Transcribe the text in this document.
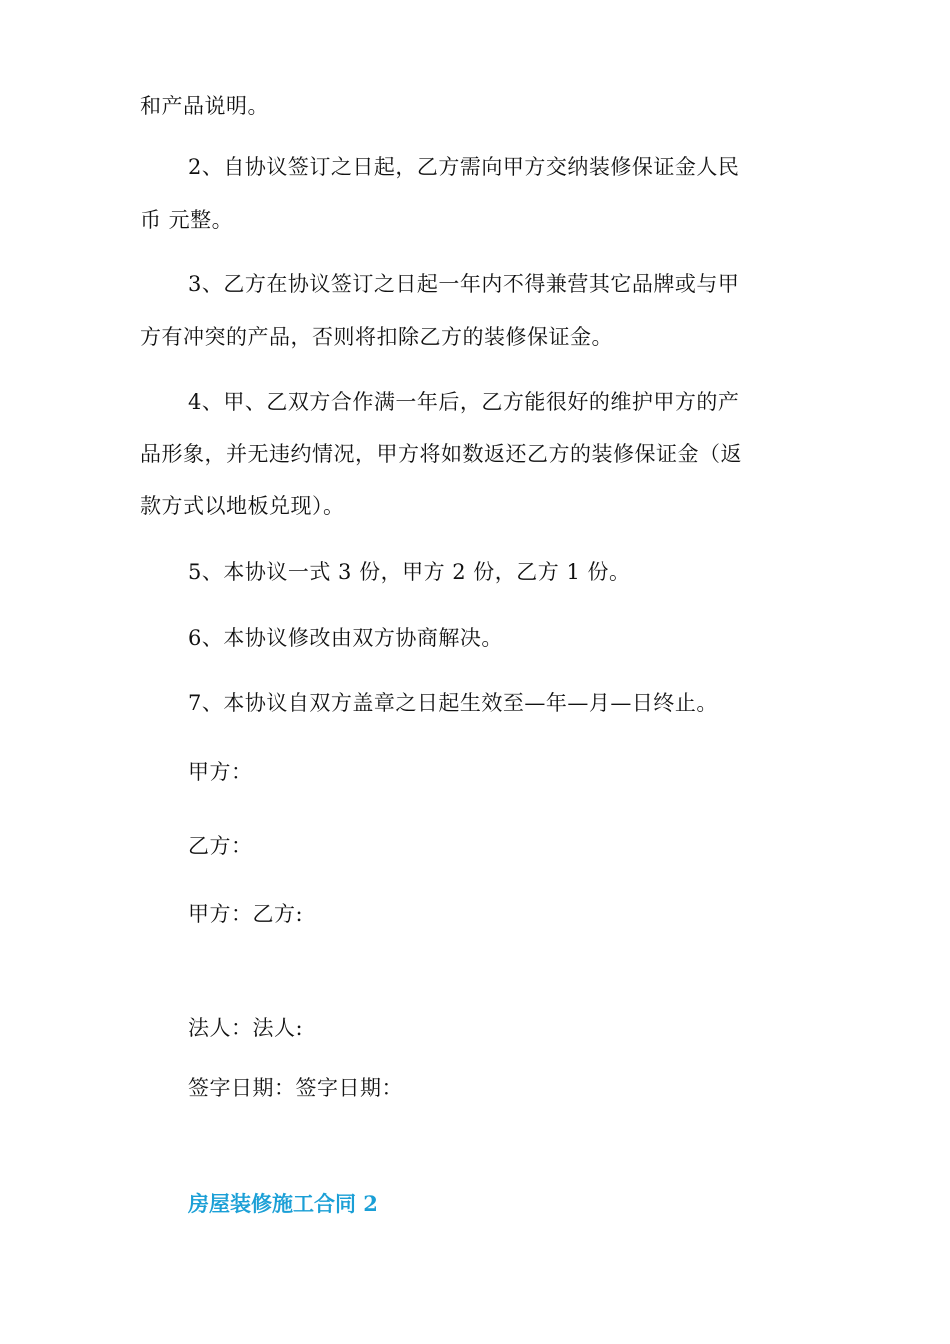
和产品说明。
2、自协议签订之日起，乙方需向甲方交纳装修保证金人民
币 元整。
3、乙方在协议签订之日起一年内不得兼营其它品牌或与甲
方有冲突的产品，否则将扣除乙方的装修保证金。
4、甲、乙双方合作满一年后，乙方能很好的维护甲方的产
品形象，并无违约情况，甲方将如数返还乙方的装修保证金（返
款方式以地板兑现）。
5、本协议一式 3 份，甲方 2 份，乙方 1 份。
6、本协议修改由双方协商解决。
7、本协议自双方盖章之日起生效至—年—月—日终止。
甲方：
乙方：
甲方：乙方:
法人：法人:
签字日期：签字日期：
房屋装修施工合同 2
